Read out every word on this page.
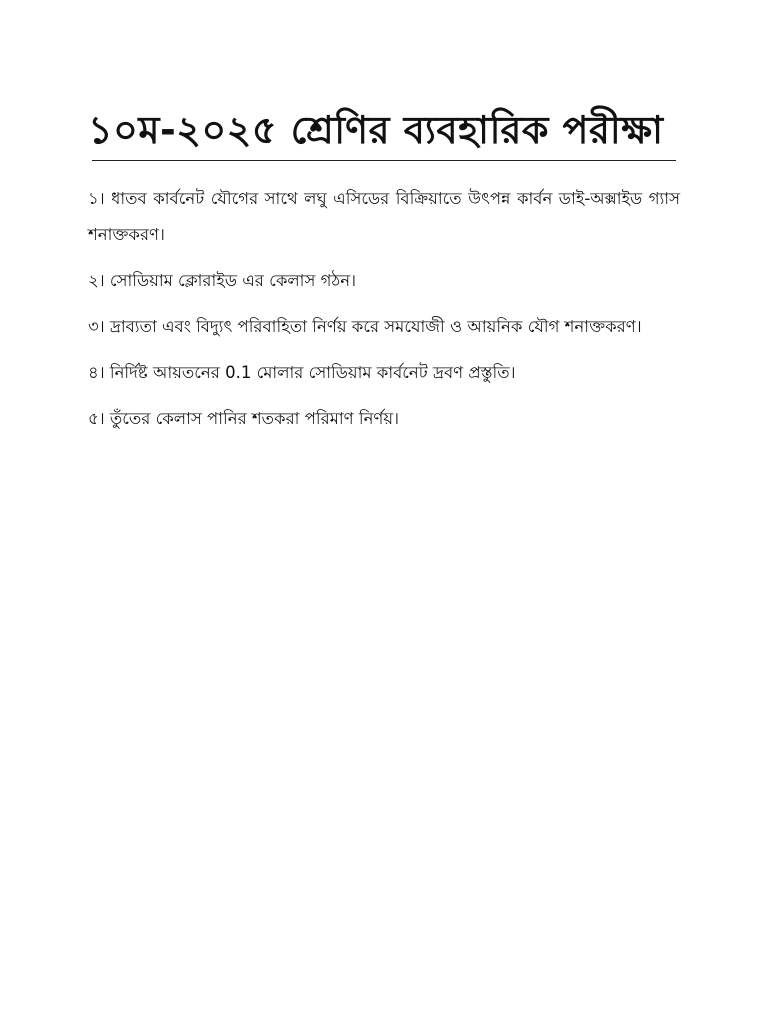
১০ম-২০২৫ শ্রেণির ব্যবহারিক পরীক্ষা
১। ধাতব কার্বনেট যৌগের সাথে লঘু এসিডের বিক্রিয়াতে উৎপন্ন কার্বন ডাই-অক্সাইড গ্যাস শনাক্তকরণ।
২। সোডিয়াম ক্লোরাইড এর কেলাস গঠন।
৩। দ্রাব্যতা এবং বিদ্যুৎ পরিবাহিতা নির্ণয় করে সমযোজী ও আয়নিক যৌগ শনাক্তকরণ।
৪। নির্দিষ্ট আয়তনের 0.1 মোলার সোডিয়াম কার্বনেট দ্রবণ প্রস্তুতি।
৫। তুঁতের কেলাস পানির শতকরা পরিমাণ নির্ণয়।
